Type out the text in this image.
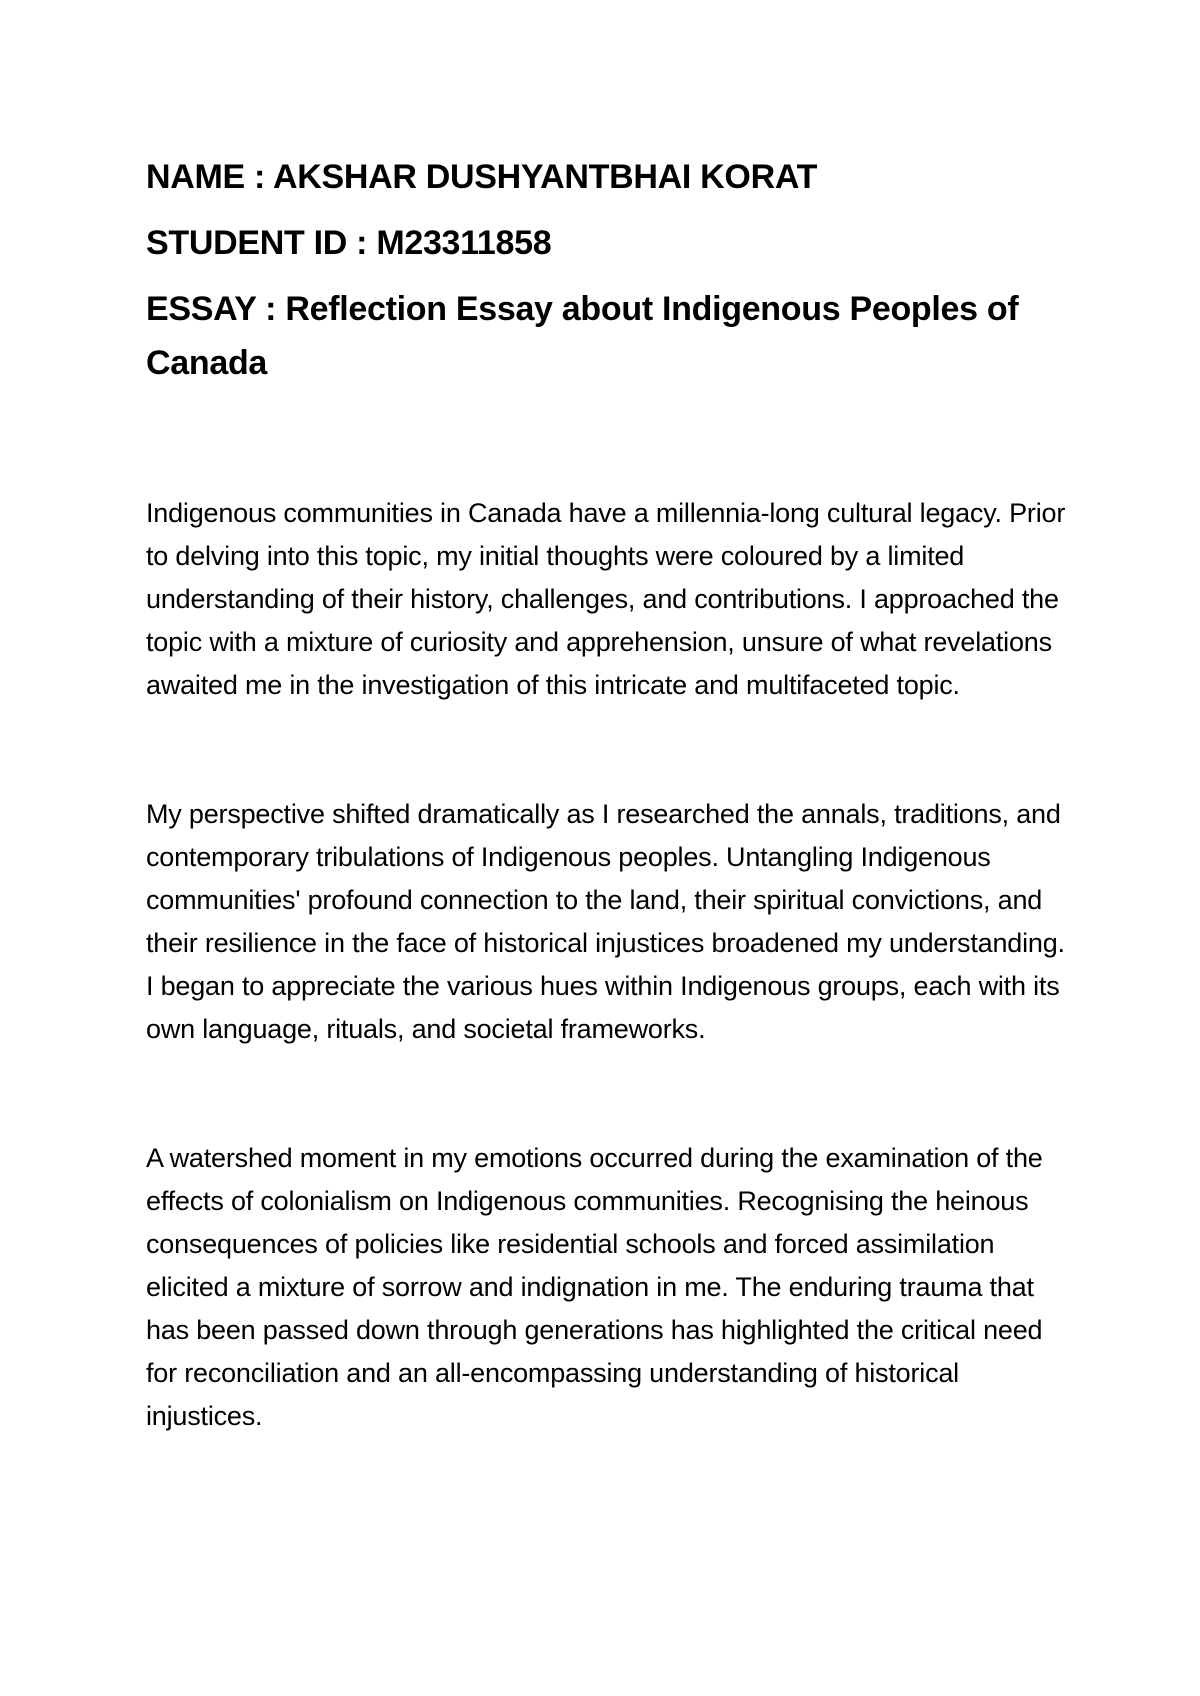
NAME : AKSHAR DUSHYANTBHAI KORAT
STUDENT ID : M23311858
ESSAY : Reflection Essay about Indigenous Peoples of Canada

Indigenous communities in Canada have a millennia-long cultural legacy. Prior to delving into this topic, my initial thoughts were coloured by a limited understanding of their history, challenges, and contributions. I approached the topic with a mixture of curiosity and apprehension, unsure of what revelations awaited me in the investigation of this intricate and multifaceted topic.

My perspective shifted dramatically as I researched the annals, traditions, and contemporary tribulations of Indigenous peoples. Untangling Indigenous communities' profound connection to the land, their spiritual convictions, and their resilience in the face of historical injustices broadened my understanding. I began to appreciate the various hues within Indigenous groups, each with its own language, rituals, and societal frameworks.

A watershed moment in my emotions occurred during the examination of the effects of colonialism on Indigenous communities. Recognising the heinous consequences of policies like residential schools and forced assimilation elicited a mixture of sorrow and indignation in me. The enduring trauma that has been passed down through generations has highlighted the critical need for reconciliation and an all-encompassing understanding of historical injustices.
